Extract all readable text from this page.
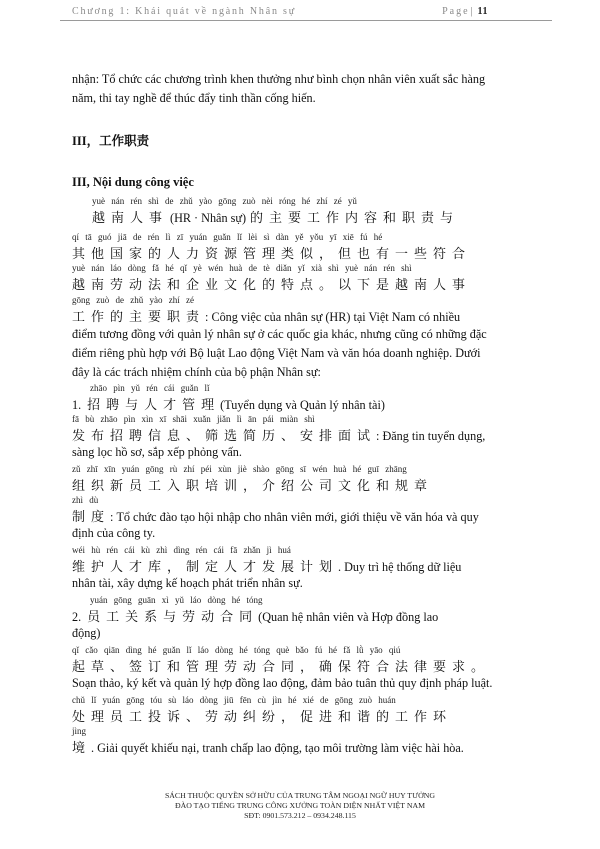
Chương 1: Khái quát về ngành Nhân sự	Page| 11
nhận: Tổ chức các chương trình khen thưởng như bình chọn nhân viên xuất sắc hàng
năm, thi tay nghề để thúc đẩy tinh thần cống hiến.
III，工作职责
III, Nội dung công việc
yuè nán rén shì de zhǔ yào gōng zuò nèi róng hé zhí zé yǔ
越南人事 (HR · Nhân sự) 的主要工作内容和职责与
qí tā guó jiā de rén lì zī yuán guǎn lǐ lèi sì dàn yě yǒu yī xiē fú hé
其他国家的人力资源管理类似，但也有一些符合
yuè nán láo dòng fǎ hé qǐ yè wén huà de tè diǎn yǐ xià shì yuè nán rén shì
越南劳动法和企业文化的特点。以下是越南人事
gōng zuò de zhǔ yào zhí zé
工作的主要职责: Công việc của nhân sự (HR) tại Việt Nam có nhiều
điểm tương đồng với quản lý nhân sự ở các quốc gia khác, nhưng cũng có những đặc
điểm riêng phù hợp với Bộ luật Lao động Việt Nam và văn hóa doanh nghiệp. Dưới
đây là các trách nhiệm chính của bộ phận Nhân sự:
zhāo pìn yǔ rén cái guǎn lǐ
1. 招聘与人才管理(Tuyển dụng và Quản lý nhân tài)
fā bù zhāo pìn xìn xī shāi xuǎn jiǎn lì ān pái miàn shì
发布招聘信息、筛选简历、安排面试: Đăng tin tuyển dụng,
sàng lọc hồ sơ, sắp xếp phỏng vấn.
zǔ zhī xīn yuán gōng rù zhí péi xùn jiè shào gōng sī wén huà hé guī zhāng
组织新员工入职培训，介绍公司文化和规章
zhì dù
制度: Tổ chức đào tạo hội nhập cho nhân viên mới, giới thiệu về văn hóa và quy
định của công ty.
wéi hù rén cái kù zhì dìng rén cái fā zhǎn jì huá
维护人才库，制定人才发展计划. Duy trì hệ thống dữ liệu
nhân tài, xây dựng kế hoạch phát triển nhân sự.
yuán gōng guān xì yǔ láo dòng hé tóng
2. 员工关系与劳动合同(Quan hệ nhân viên và Hợp đồng lao
động)
qǐ cǎo qiān dìng hé guǎn lǐ láo dòng hé tóng què bǎo fú hé fǎ lǜ yāo qiú
起草、签订和管理劳动合同，确保符合法律要求。
Soạn thảo, ký kết và quản lý hợp đồng lao động, đảm bảo tuân thủ quy định pháp luật.
chǔ lǐ yuán gōng tóu sù láo dòng jiū fēn cù jìn hé xié de gōng zuò huán
处理员工投诉、劳动纠纷，促进和谐的工作环
jìng
境. Giải quyết khiếu nại, tranh chấp lao động, tạo môi trường làm việc hài hòa.
SÁCH THUỘC QUYỀN SỞ HỮU CỦA TRUNG TÂM NGOẠI NGỮ HUY TƯỞNG
ĐÀO TẠO TIẾNG TRUNG CÔNG XƯỞNG TOÀN DIỆN NHẤT VIỆT NAM
SĐT: 0901.573.212 – 0934.248.115
